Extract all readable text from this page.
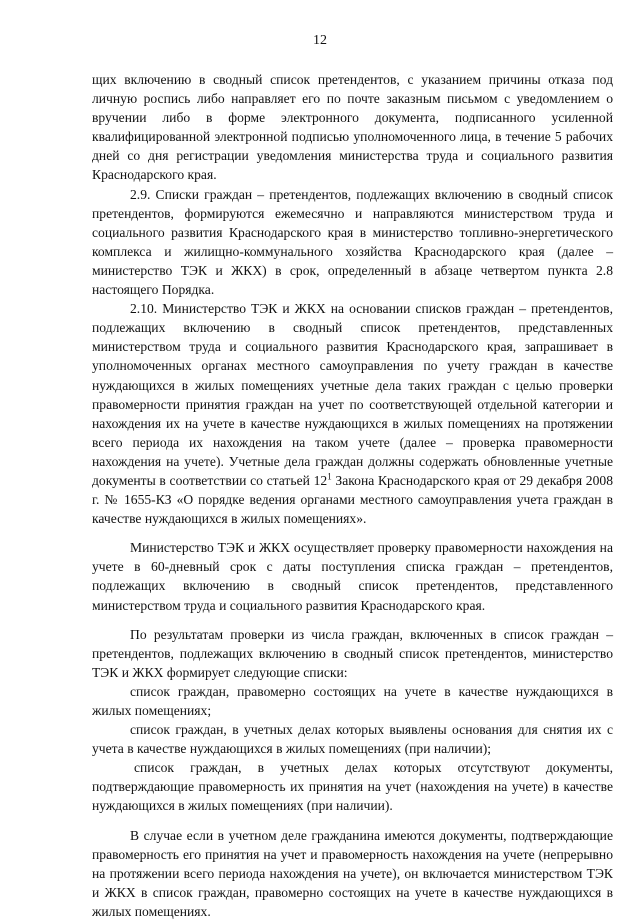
12

щих включению в сводный список претендентов, с указанием причины отказа под личную роспись либо направляет его по почте заказным письмом с уведомлением о вручении либо в форме электронного документа, подписанного усиленной квалифицированной электронной подписью уполномоченного лица, в течение 5 рабочих дней со дня регистрации уведомления министерства труда и социального развития Краснодарского края.

2.9. Списки граждан – претендентов, подлежащих включению в сводный список претендентов, формируются ежемесячно и направляются министерством труда и социального развития Краснодарского края в министерство топливно-энергетического комплекса и жилищно-коммунального хозяйства Краснодарского края (далее – министерство ТЭК и ЖКХ) в срок, определенный в абзаце четвертом пункта 2.8 настоящего Порядка.

2.10. Министерство ТЭК и ЖКХ на основании списков граждан – претендентов, подлежащих включению в сводный список претендентов, представленных министерством труда и социального развития Краснодарского края, запрашивает в уполномоченных органах местного самоуправления по учету граждан в качестве нуждающихся в жилых помещениях учетные дела таких граждан с целью проверки правомерности принятия граждан на учет по соответствующей отдельной категории и нахождения их на учете в качестве нуждающихся в жилых помещениях на протяжении всего периода их нахождения на таком учете (далее – проверка правомерности нахождения на учете). Учетные дела граждан должны содержать обновленные учетные документы в соответствии со статьей $12^1$ Закона Краснодарского края от 29 декабря 2008 г. № 1655-КЗ «О порядке ведения органами местного самоуправления учета граждан в качестве нуждающихся в жилых помещениях».

Министерство ТЭК и ЖКХ осуществляет проверку правомерности нахождения на учете в 60-дневный срок с даты поступления списка граждан – претендентов, подлежащих включению в сводный список претендентов, представленного министерством труда и социального развития Краснодарского края.

По результатам проверки из числа граждан, включенных в список граждан – претендентов, подлежащих включению в сводный список претендентов, министерство ТЭК и ЖКХ формирует следующие списки:

список граждан, правомерно состоящих на учете в качестве нуждающихся в жилых помещениях;

список граждан, в учетных делах которых выявлены основания для снятия их с учета в качестве нуждающихся в жилых помещениях (при наличии);

список граждан, в учетных делах которых отсутствуют документы, подтверждающие правомерность их принятия на учет (нахождения на учете) в качестве нуждающихся в жилых помещениях (при наличии).

В случае если в учетном деле гражданина имеются документы, подтверждающие правомерность его принятия на учет и правомерность нахождения на учете (непрерывно на протяжении всего периода нахождения на учете), он включается министерством ТЭК и ЖКХ в список граждан, правомерно состоящих на учете в качестве нуждающихся в жилых помещениях.
